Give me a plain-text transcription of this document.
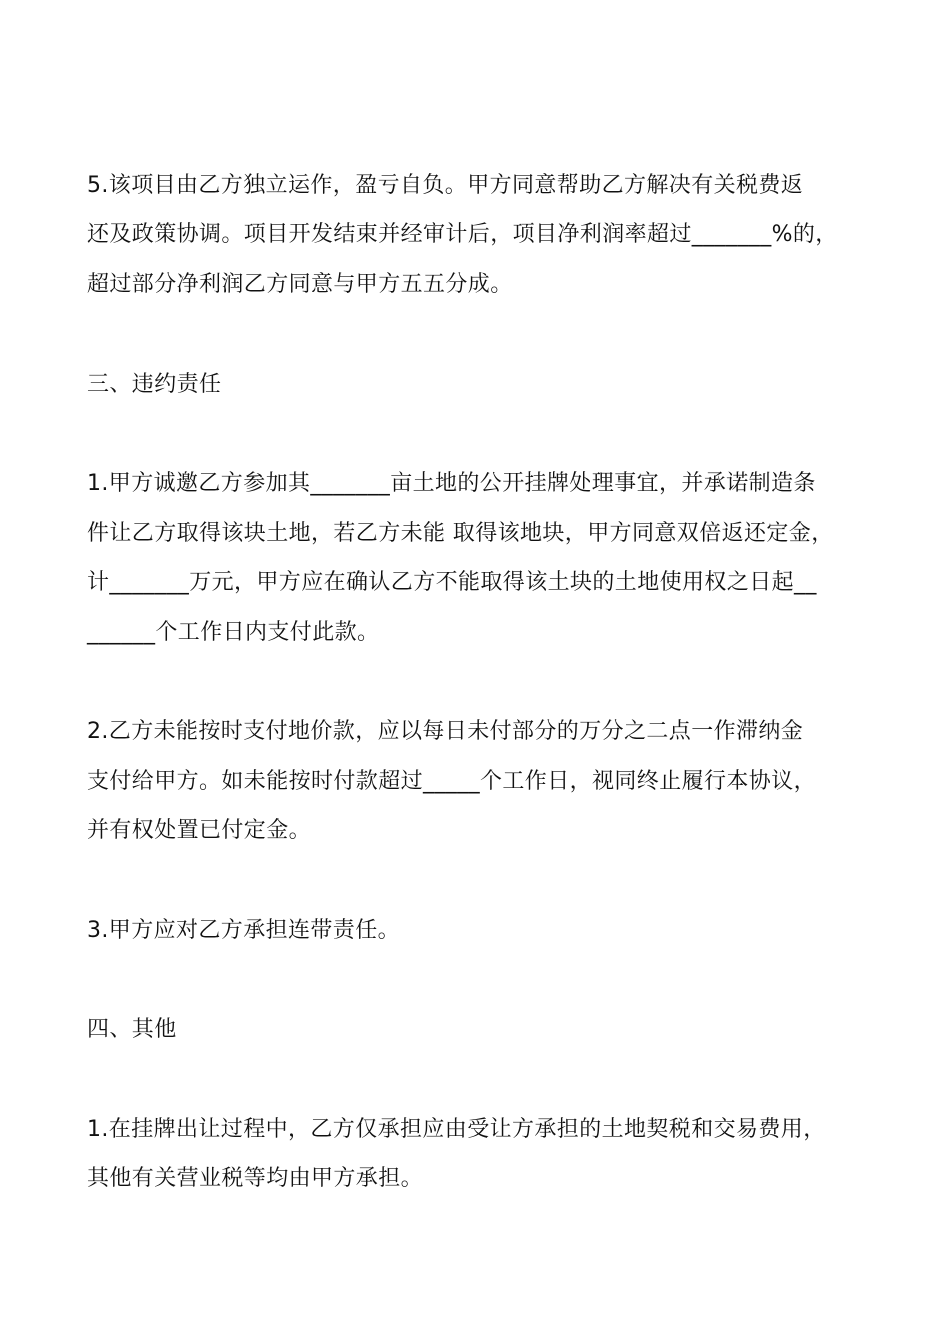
5.该项目由乙方独立运作，盈亏自负。甲方同意帮助乙方解决有关税费返
还及政策协调。项目开发结束并经审计后，项目净利润率超过_______%的，
超过部分净利润乙方同意与甲方五五分成。
三、违约责任
1.甲方诚邀乙方参加其_______亩土地的公开挂牌处理事宜，并承诺制造条
件让乙方取得该块土地，若乙方未能 取得该地块，甲方同意双倍返还定金，
计_______万元，甲方应在确认乙方不能取得该土块的土地使用权之日起__
______个工作日内支付此款。
2.乙方未能按时支付地价款，应以每日未付部分的万分之二点一作滞纳金
支付给甲方。如未能按时付款超过_____个工作日，视同终止履行本协议，
并有权处置已付定金。
3.甲方应对乙方承担连带责任。
四、其他
1.在挂牌出让过程中，乙方仅承担应由受让方承担的土地契税和交易费用，
其他有关营业税等均由甲方承担。
